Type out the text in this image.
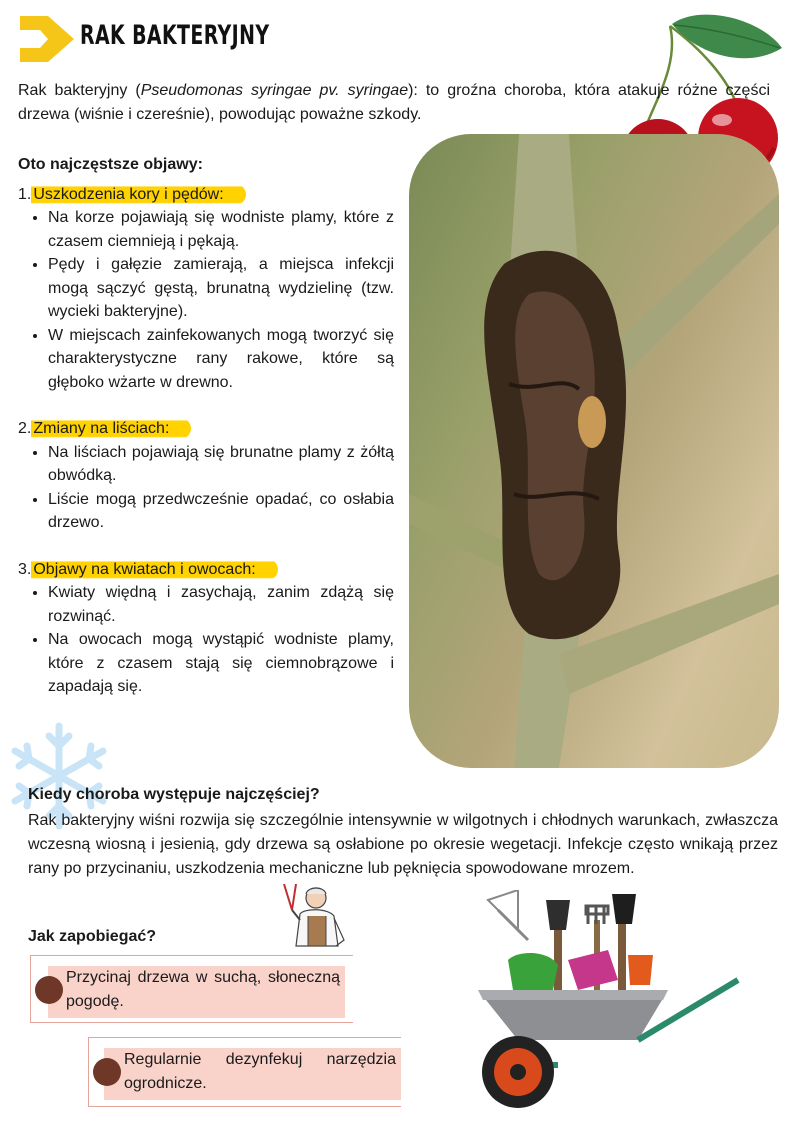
RAK BAKTERYJNY
Rak bakteryjny (Pseudomonas syringae pv. syringae): to groźna choroba, która atakuje różne części drzewa (wiśnie i czereśnie), powodując poważne szkody.
Oto najczęstsze objawy:
1. Uszkodzenia kory i pędów:
• Na korze pojawiają się wodniste plamy, które z czasem ciemnieją i pękają.
• Pędy i gałęzie zamierają, a miejsca infekcji mogą sączyć gęstą, brunatną wydzielinę (tzw. wycieki bakteryjne).
• W miejscach zainfekowanych mogą tworzyć się charakterystyczne rany rakowe, które są głęboko wżarte w drewno.
2. Zmiany na liściach:
• Na liściach pojawiają się brunatne plamy z żółtą obwódką.
• Liście mogą przedwcześnie opadać, co osłabia drzewo.
3. Objawy na kwiatach i owocach:
• Kwiaty więdną i zasychają, zanim zdążą się rozwinąć.
• Na owocach mogą wystąpić wodniste plamy, które z czasem stają się ciemnobrązowe i zapadają się.
Kiedy choroba występuje najczęściej?
Rak bakteryjny wiśni rozwija się szczególnie intensywnie w wilgotnych i chłodnych warunkach, zwłaszcza wczesną wiosną i jesienią, gdy drzewa są osłabione po okresie wegetacji. Infekcje często wnikają przez rany po przycinaniu, uszkodzenia mechaniczne lub pęknięcia spowodowane mrozem.
Jak zapobiegać?
Przycinaj drzewa w suchą, słoneczną pogodę.
Regularnie dezynfekuj narzędzia ogrodnicze.
